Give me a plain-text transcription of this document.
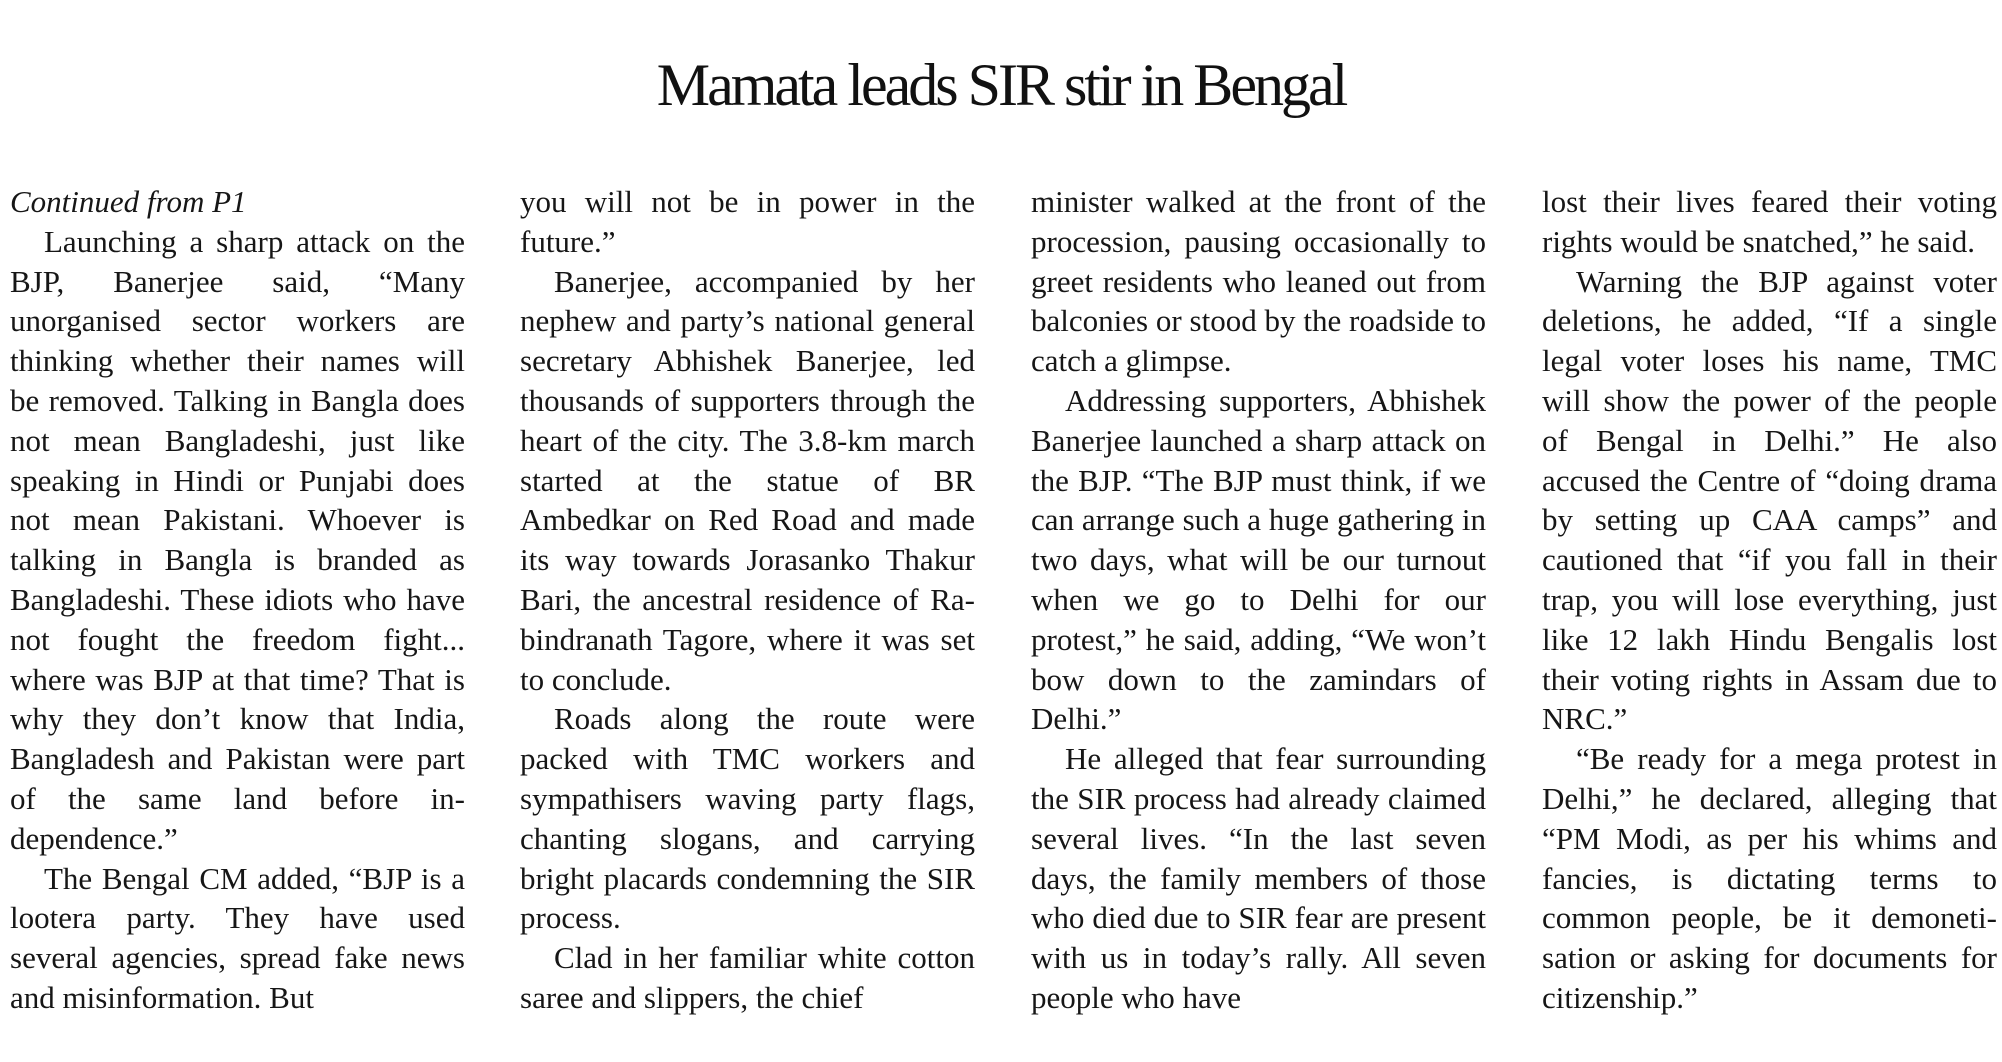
Mamata leads SIR stir in Bengal

Continued from P1

Launching a sharp attack on the BJP, Banerjee said, “Many unorganised sector workers are thinking whether their names will be removed. Talking in Bangla does not mean Bangladeshi, just like speaking in Hindi or Punjabi does not mean Pakistani. Whoever is talking in Bangla is branded as Bangladeshi. These idiots who have not fought the freedom fight... where was BJP at that time? That is why they don’t know that India, Bangladesh and Pakistan were part of the same land before independence.”

The Bengal CM added, “BJP is a lootera party. They have used several agencies, spread fake news and misinformation. But

you will not be in power in the future.”

Banerjee, accompanied by her nephew and party’s national general secretary Abhishek Banerjee, led thousands of supporters through the heart of the city. The 3.8-km march started at the statue of BR Ambedkar on Red Road and made its way towards Jorasanko Thakur Bari, the ancestral residence of Rabindranath Tagore, where it was set to conclude.

Roads along the route were packed with TMC workers and sympathisers waving party flags, chanting slogans, and carrying bright placards condemning the SIR process.

Clad in her familiar white cotton saree and slippers, the chief

minister walked at the front of the procession, pausing occasionally to greet residents who leaned out from balconies or stood by the roadside to catch a glimpse.

Addressing supporters, Abhishek Banerjee launched a sharp attack on the BJP. “The BJP must think, if we can arrange such a huge gathering in two days, what will be our turnout when we go to Delhi for our protest,” he said, adding, “We won’t bow down to the zamindars of Delhi.”

He alleged that fear surrounding the SIR process had already claimed several lives. “In the last seven days, the family members of those who died due to SIR fear are present with us in today’s rally. All seven people who have

lost their lives feared their voting rights would be snatched,” he said.

Warning the BJP against voter deletions, he added, “If a single legal voter loses his name, TMC will show the power of the people of Bengal in Delhi.” He also accused the Centre of “doing drama by setting up CAA camps” and cautioned that “if you fall in their trap, you will lose everything, just like 12 lakh Hindu Bengalis lost their voting rights in Assam due to NRC.”

“Be ready for a mega protest in Delhi,” he declared, alleging that “PM Modi, as per his whims and fancies, is dictating terms to common people, be it demonetisation or asking for documents for citizenship.”
